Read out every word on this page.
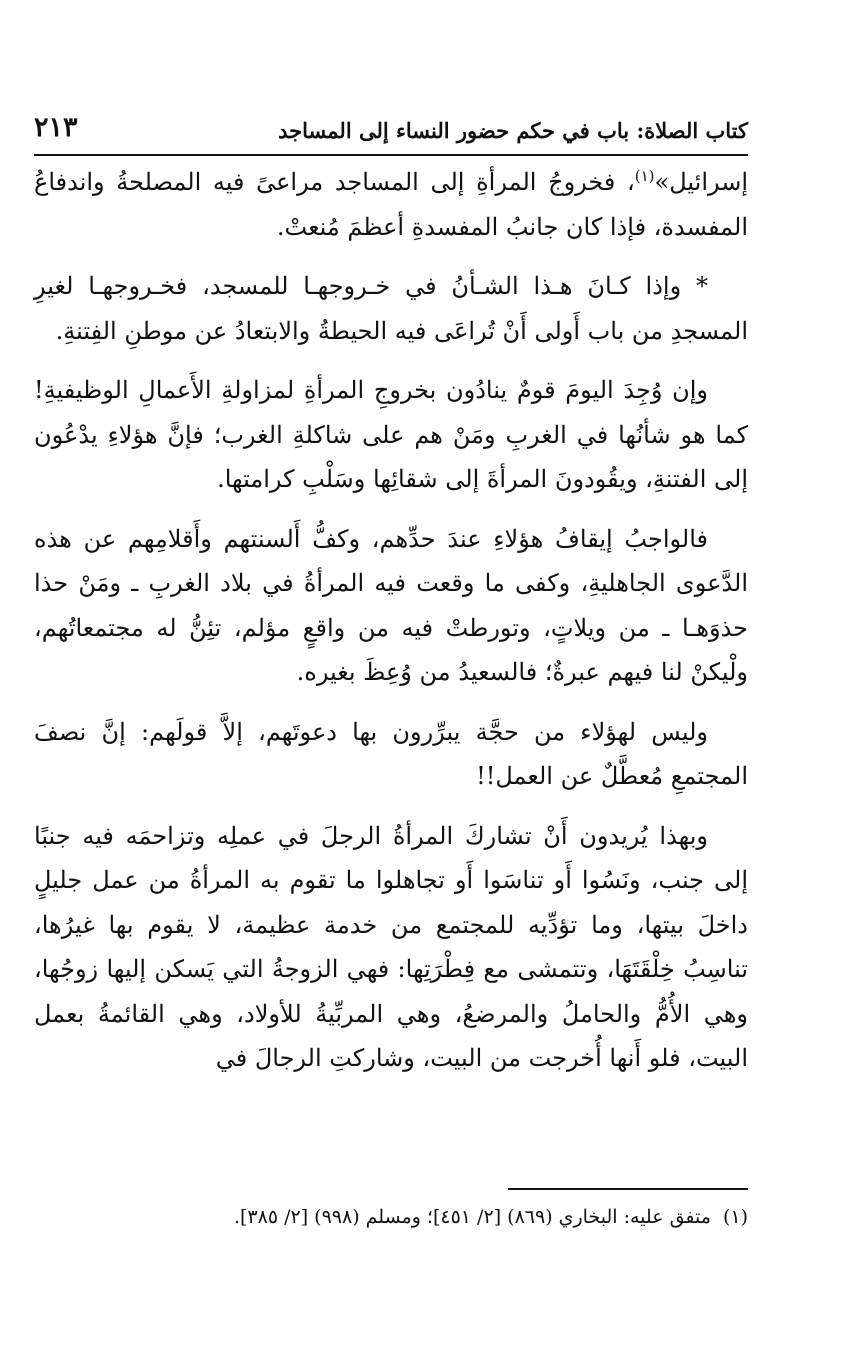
كتاب الصلاة: باب في حكم حضور النساء إلى المساجد
٢١٣

إسرائيل»$^{(١)}$، فخروجُ المرأةِ إلى المساجد مراعىً فيه المصلحةُ واندفاعُ المفسدة، فإذا كان جانبُ المفسدةِ أعظمَ مُنعتْ.

* وإذا كـانَ هـذا الشـأنُ في خـروجهـا للمسجد، فخـروجهـا لغيرِ المسجدِ من باب أَولى أَنْ تُراعَى فيه الحيطةُ والابتعادُ عن موطنِ الفِتنةِ.

وإن وُجِدَ اليومَ قومٌ ينادُون بخروجِ المرأةِ لمزاولةِ الأَعمالِ الوظيفيةِ! كما هو شأنُها في الغربِ ومَنْ هم على شاكلةِ الغرب؛ فإنَّ هؤلاءِ يدْعُون إلى الفتنةِ، ويقُودونَ المرأةَ إلى شقائِها وسَلْبِ كرامتها.

فالواجبُ إيقافُ هؤلاءِ عندَ حدِّهم، وكفُّ أَلسنتهم وأَقلامِهم عن هذه الدَّعوى الجاهليةِ، وكفى ما وقعت فيه المرأةُ في بلاد الغربِ ـ ومَنْ حذا حذوَهـا ـ من ويلاتٍ، وتورطتْ فيه من واقعٍ مؤلم، تئِنُّ له مجتمعاتُهم، ولْيكنْ لنا فيهم عبرةٌ؛ فالسعيدُ من وُعِظَ بغيره.

وليس لهؤلاء من حجَّة يبرِّرون بها دعوتَهم، إلاَّ قولَهم: إنَّ نصفَ المجتمعِ مُعطَّلٌ عن العمل!!

وبهذا يُريدون أَنْ تشاركَ المرأةُ الرجلَ في عملِه وتزاحمَه فيه جنبًا إلى جنب، ونَسُوا أَو تناسَوا أَو تجاهلوا ما تقوم به المرأةُ من عمل جليلٍ داخلَ بيتها، وما تؤدِّيه للمجتمع من خدمة عظيمة، لا يقوم بها غيرُها، تناسِبُ خِلْقَتَهَا، وتتمشى مع فِطْرَتِها: فهي الزوجةُ التي يَسكن إليها زوجُها، وهي الأُمُّ والحاملُ والمرضعُ، وهي المربِّيةُ للأولاد، وهي القائمةُ بعمل البيت، فلو أَنها أُخرجت من البيت، وشاركتِ الرجالَ في

(١)متفق عليه: البخاري (٨٦٩) [٢/ ٤٥١]؛ ومسلم (٩٩٨) [٢/ ٣٨٥].
